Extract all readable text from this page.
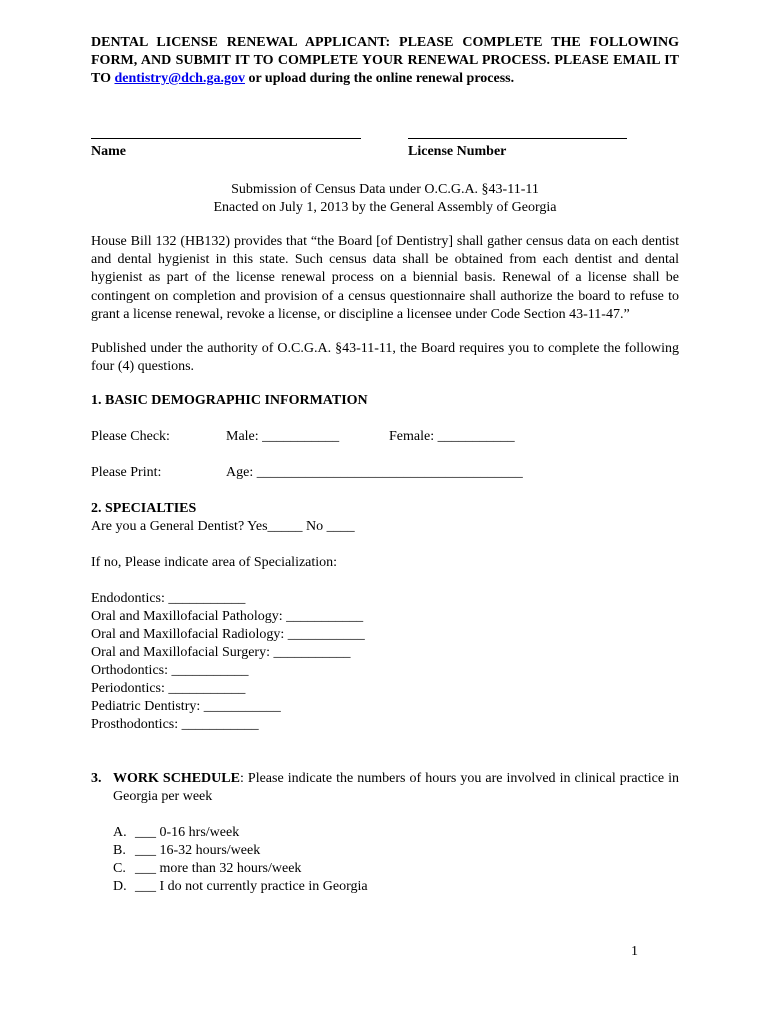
DENTAL LICENSE RENEWAL APPLICANT: PLEASE COMPLETE THE FOLLOWING FORM, AND SUBMIT IT TO COMPLETE YOUR RENEWAL PROCESS. PLEASE EMAIL IT TO dentistry@dch.ga.gov or upload during the online renewal process.

Name	License Number
Submission of Census Data under O.C.G.A. §43-11-11
Enacted on July 1, 2013 by the General Assembly of Georgia

House Bill 132 (HB132) provides that “the Board [of Dentistry] shall gather census data on each dentist and dental hygienist in this state. Such census data shall be obtained from each dentist and dental hygienist as part of the license renewal process on a biennial basis. Renewal of a license shall be contingent on completion and provision of a census questionnaire shall authorize the board to refuse to grant a license renewal, revoke a license, or discipline a licensee under Code Section 43-11-47.”

Published under the authority of O.C.G.A. §43-11-11, the Board requires you to complete the following four (4) questions.

1. BASIC DEMOGRAPHIC INFORMATION
Please Check:	Male: ___________	Female: ___________
Please Print:	Age: ______________________________________
2. SPECIALTIES
Are you a General Dentist? Yes_____ No ____
If no, Please indicate area of Specialization:
Endodontics: ___________
Oral and Maxillofacial Pathology: ___________
Oral and Maxillofacial Radiology: ___________
Oral and Maxillofacial Surgery: ___________
Orthodontics: ___________
Periodontics: ___________
Pediatric Dentistry: ___________
Prosthodontics: ___________
3. WORK SCHEDULE: Please indicate the numbers of hours you are involved in clinical practice in Georgia per week
A. ___ 0-16 hrs/week
B. ___ 16-32 hours/week
C. ___ more than 32 hours/week
D. ___ I do not currently practice in Georgia
1
